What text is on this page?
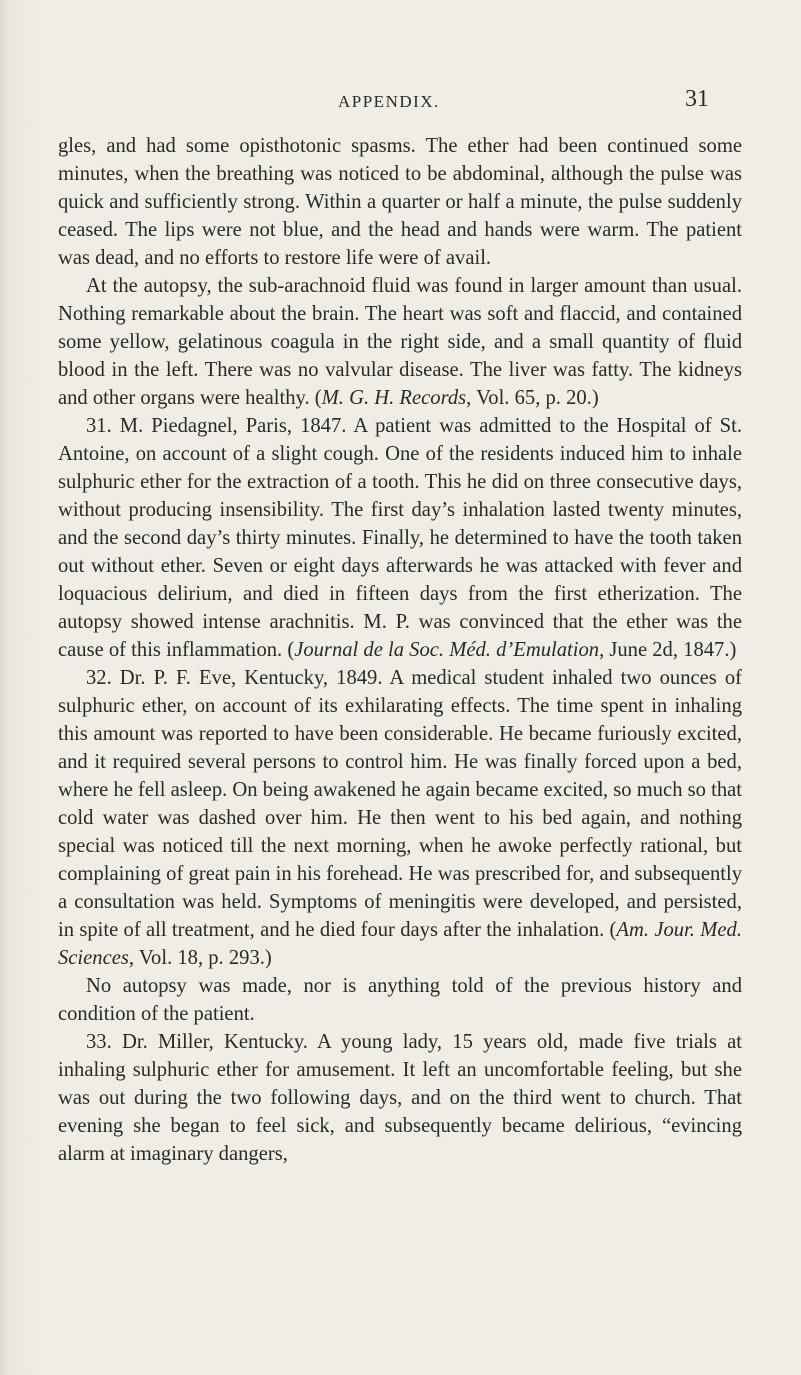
APPENDIX.	31

gles, and had some opisthotonic spasms. The ether had been continued some minutes, when the breathing was noticed to be abdominal, although the pulse was quick and sufficiently strong. Within a quarter or half a minute, the pulse suddenly ceased. The lips were not blue, and the head and hands were warm. The patient was dead, and no efforts to restore life were of avail.

At the autopsy, the sub-arachnoid fluid was found in larger amount than usual. Nothing remarkable about the brain. The heart was soft and flaccid, and contained some yellow, gelatinous coagula in the right side, and a small quantity of fluid blood in the left. There was no valvular disease. The liver was fatty. The kidneys and other organs were healthy. (M. G. H. Records, Vol. 65, p. 20.)

31. M. Piedagnel, Paris, 1847. A patient was admitted to the Hospital of St. Antoine, on account of a slight cough. One of the residents induced him to inhale sulphuric ether for the extraction of a tooth. This he did on three consecutive days, without producing insensibility. The first day’s inhalation lasted twenty minutes, and the second day’s thirty minutes. Finally, he determined to have the tooth taken out without ether. Seven or eight days afterwards he was attacked with fever and loquacious delirium, and died in fifteen days from the first etherization. The autopsy showed intense arachnitis. M. P. was convinced that the ether was the cause of this inflammation. (Journal de la Soc. Méd. d’Emulation, June 2d, 1847.)

32. Dr. P. F. Eve, Kentucky, 1849. A medical student inhaled two ounces of sulphuric ether, on account of its exhilarating effects. The time spent in inhaling this amount was reported to have been considerable. He became furiously excited, and it required several persons to control him. He was finally forced upon a bed, where he fell asleep. On being awakened he again became excited, so much so that cold water was dashed over him. He then went to his bed again, and nothing special was noticed till the next morning, when he awoke perfectly rational, but complaining of great pain in his forehead. He was prescribed for, and subsequently a consultation was held. Symptoms of meningitis were developed, and persisted, in spite of all treatment, and he died four days after the inhalation. (Am. Jour. Med. Sciences, Vol. 18, p. 293.)

No autopsy was made, nor is anything told of the previous history and condition of the patient.

33. Dr. Miller, Kentucky. A young lady, 15 years old, made five trials at inhaling sulphuric ether for amusement. It left an uncomfortable feeling, but she was out during the two following days, and on the third went to church. That evening she began to feel sick, and subsequently became delirious, “evincing alarm at imaginary dangers,
